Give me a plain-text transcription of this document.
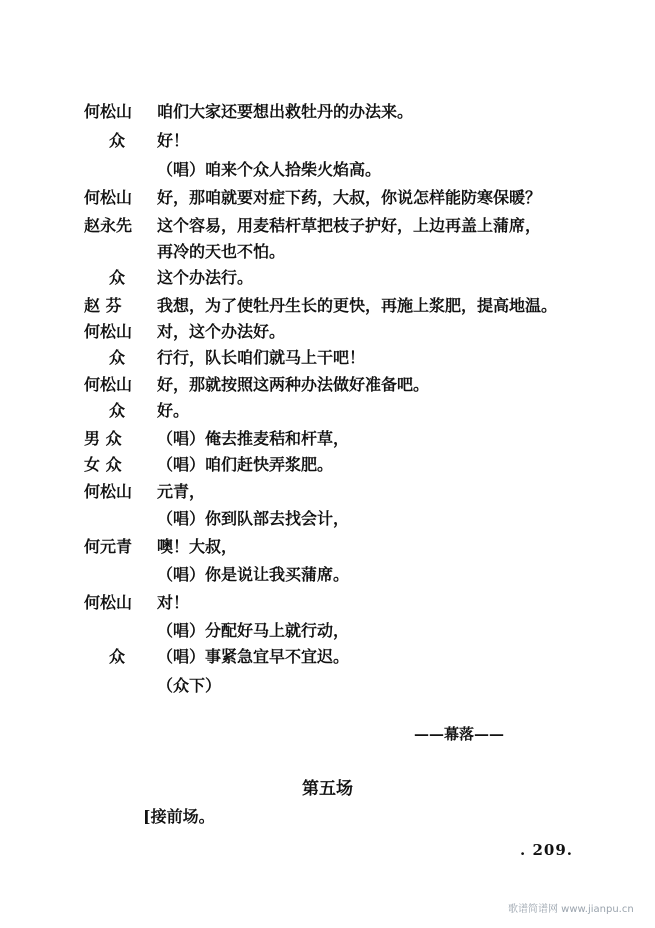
何松山	咱们大家还要想出救牡丹的办法来。
众	好！
（唱）咱来个众人拾柴火焰高。
何松山	好，那咱就要对症下药，大叔，你说怎样能防寒保暖？
赵永先	这个容易，用麦秸杆草把枝子护好，上边再盖上蒲席，
再冷的天也不怕。
众	这个办法行。
赵 芬	我想，为了使牡丹生长的更快，再施上浆肥，提高地温。
何松山	对，这个办法好。
众	行行，队长咱们就马上干吧！
何松山	好，那就按照这两种办法做好准备吧。
众	好。
男 众	（唱）俺去推麦秸和杆草，
女 众	（唱）咱们赶快弄浆肥。
何松山	元青，
（唱）你到队部去找会计，
何元青	噢！大叔，
（唱）你是说让我买蒲席。
何松山	对！
（唱）分配好马上就行动，
众	（唱）事紧急宜早不宜迟。
（众下）
——幕落——
第五场
[接前场。
. 209.
歌谱简谱网 www.jianpu.cn
